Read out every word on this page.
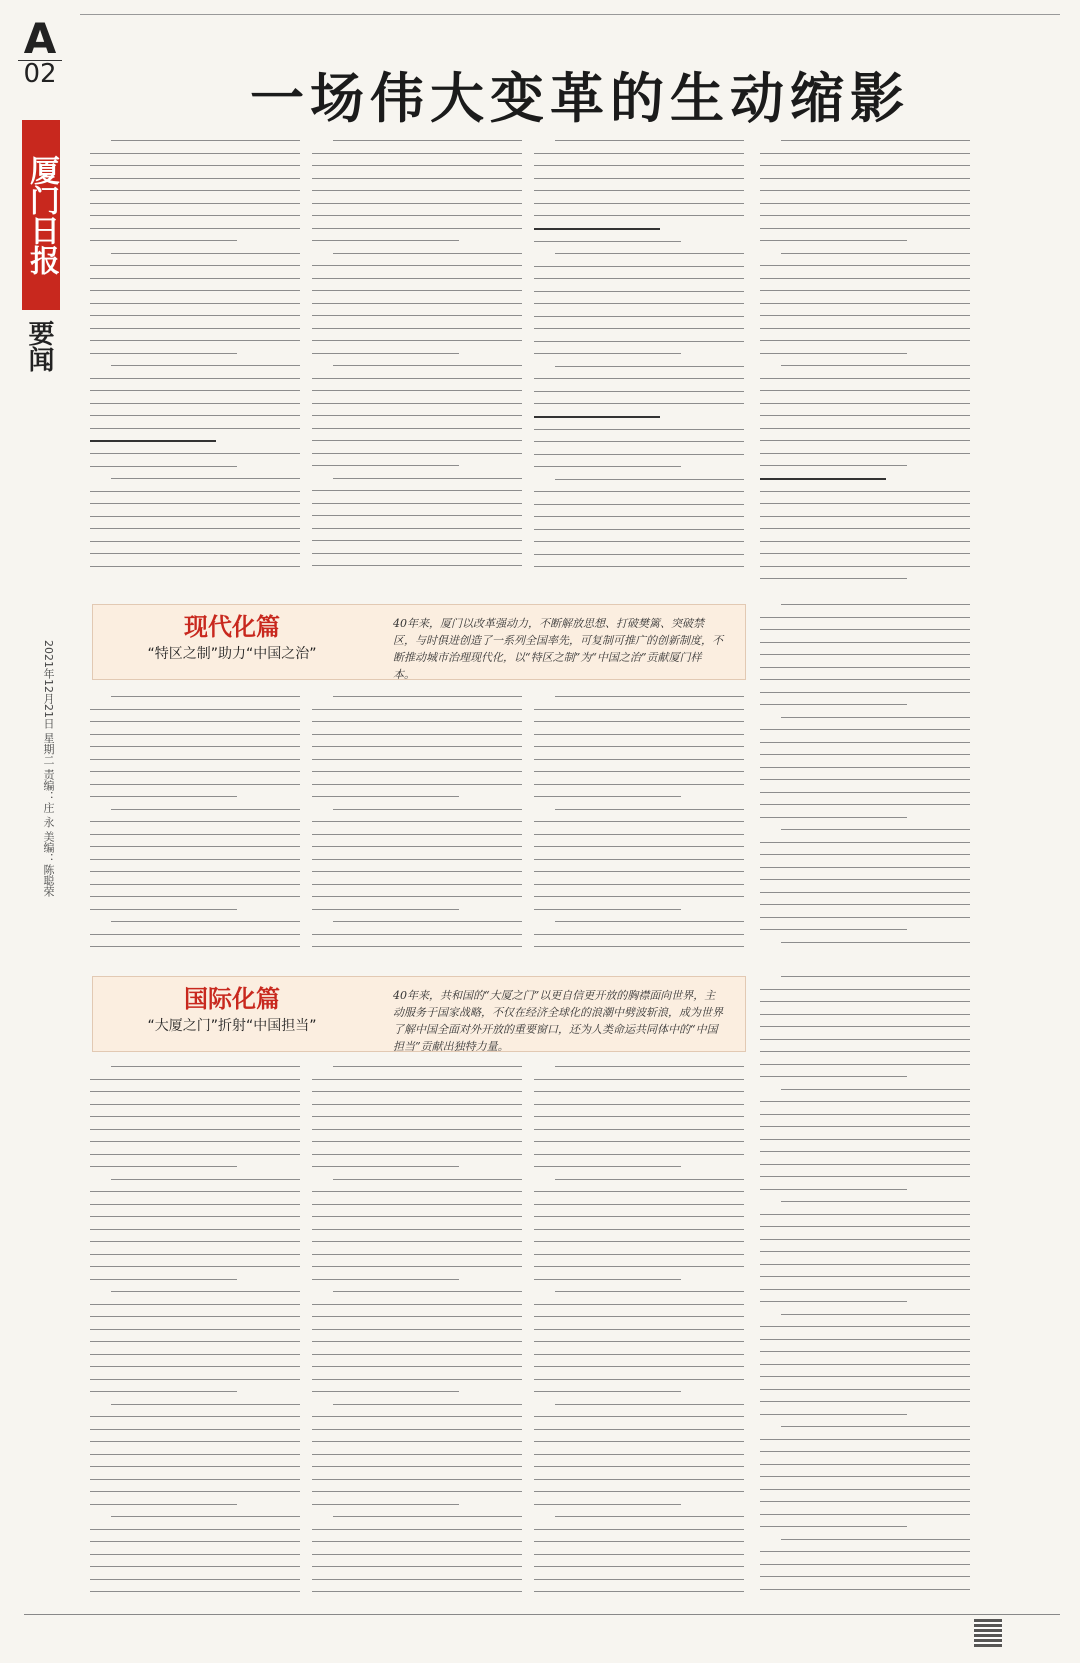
A
02
厦门日报
要闻
2021年12月21日 星期二 责编：庄 永 美编：陈聪荣
一场伟大变革的生动缩影
现代化篇
“特区之制”助力“中国之治”
40年来，厦门以改革强动力，不断解放思想、打破樊篱、突破禁区，与时俱进创造了一系列全国率先，可复制可推广的创新制度，不断推动城市治理现代化，以“特区之制”为“中国之治”贡献厦门样本。
国际化篇
“大厦之门”折射“中国担当”
40年来，共和国的“大厦之门”以更自信更开放的胸襟面向世界，主动服务于国家战略，不仅在经济全球化的浪潮中劈波斩浪，成为世界了解中国全面对外开放的重要窗口，还为人类命运共同体中的“中国担当”贡献出独特力量。
